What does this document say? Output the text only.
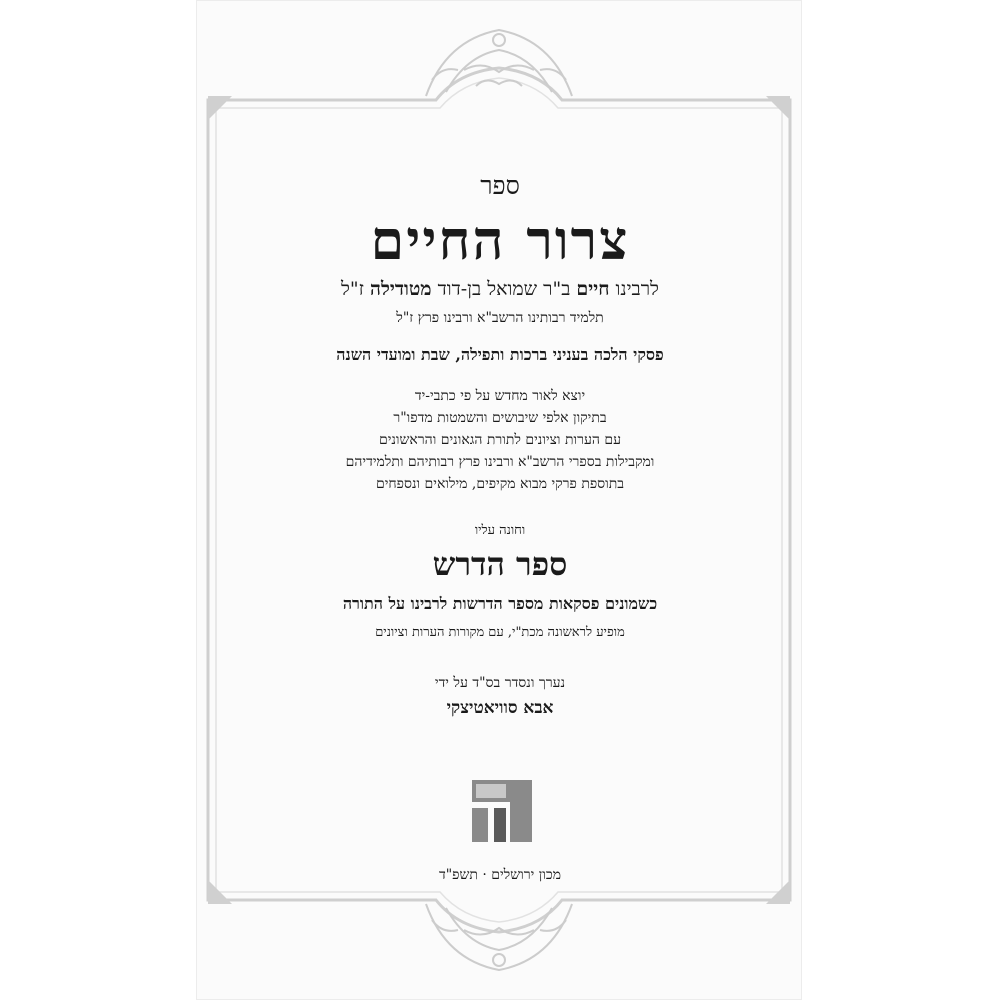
ספר
צרור החיים
לרבינו חיים ב"ר שמואל בן-דוד מטודילה ז"ל
תלמיד רבותינו הרשב"א ורבינו פרץ ז"ל
פסקי הלכה בעניני ברכות ותפילה, שבת ומועדי השנה
יוצא לאור מחדש על פי כתבי-יד
בתיקון אלפי שיבושים והשמטות מדפו"ר
עם הערות וציונים לתורת הגאונים והראשונים
ומקבילות בספרי הרשב"א ורבינו פרץ רבותיהם ותלמידיהם
בתוספת פרקי מבוא מקיפים, מילואים ונספחים
וחונה עליו
ספר הדרש
כשמונים פסקאות מספר הדרשות לרבינו על התורה
מופיע לראשונה מכת"י, עם מקורות הערות וציונים
נערך ונסדר בס"ד על ידי
אבא סוויאטיצקי
מכון ירושלים · תשפ"ד
